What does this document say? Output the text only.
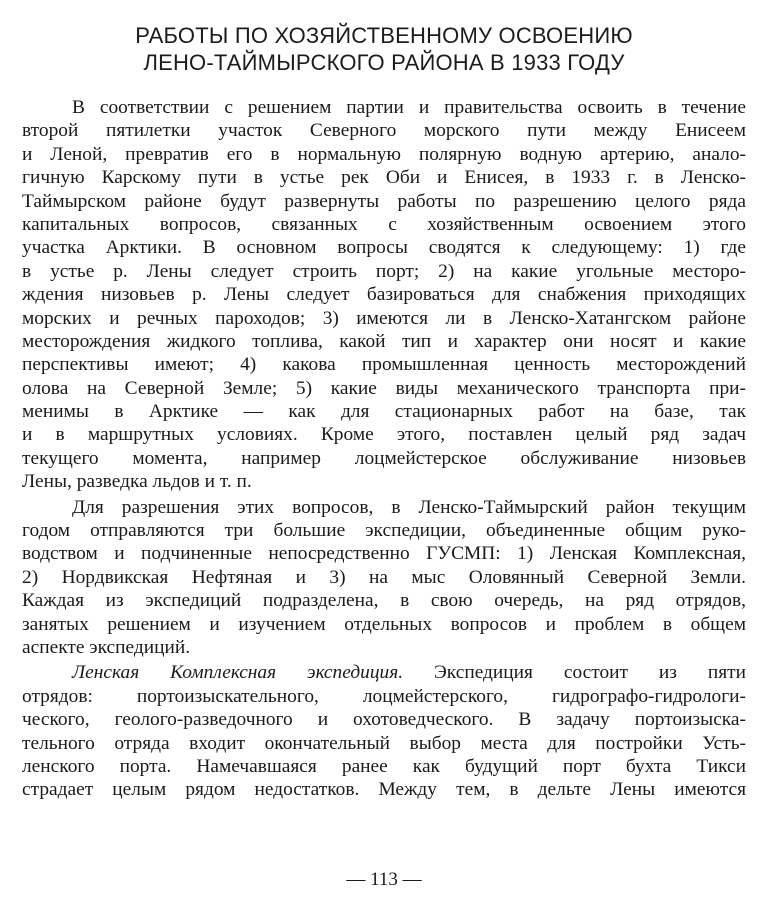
РАБОТЫ ПО ХОЗЯЙСТВЕННОМУ ОСВОЕНИЮ
ЛЕНО-ТАЙМЫРСКОГО РАЙОНА В 1933 ГОДУ
В соответствии с решением партии и правительства освоить в течение
второй пятилетки участок Северного морского пути между Енисеем
и Леной, превратив его в нормальную полярную водную артерию, анало-
гичную Карскому пути в устье рек Оби и Енисея, в 1933 г. в Ленско-
Таймырском районе будут развернуты работы по разрешению целого ряда
капитальных вопросов, связанных с хозяйственным освоением этого
участка Арктики. В основном вопросы сводятся к следующему: 1) где
в устье р. Лены следует строить порт; 2) на какие угольные месторо-
ждения низовьев р. Лены следует базироваться для снабжения приходящих
морских и речных пароходов; 3) имеются ли в Ленско-Хатангском районе
месторождения жидкого топлива, какой тип и характер они носят и какие
перспективы имеют; 4) какова промышленная ценность месторождений
олова на Северной Земле; 5) какие виды механического транспорта при-
менимы в Арктике — как для стационарных работ на базе, так
и в маршрутных условиях. Кроме этого, поставлен целый ряд задач
текущего момента, например лоцмейстерское обслуживание низовьев
Лены, разведка льдов и т. п.
Для разрешения этих вопросов, в Ленско-Таймырский район текущим
годом отправляются три большие экспедиции, объединенные общим руко-
водством и подчиненные непосредственно ГУСМП: 1) Ленская Комплексная,
2) Нордвикская Нефтяная и 3) на мыс Оловянный Северной Земли.
Каждая из экспедиций подразделена, в свою очередь, на ряд отрядов,
занятых решением и изучением отдельных вопросов и проблем в общем
аспекте экспедиций.
Ленская Комплексная экспедиция. Экспедиция состоит из пяти
отрядов: портоизыскательного, лоцмейстерского, гидрографо-гидрологи-
ческого, геолого-разведочного и охотоведческого. В задачу портоизыска-
тельного отряда входит окончательный выбор места для постройки Усть-
ленского порта. Намечавшаяся ранее как будущий порт бухта Тикси
страдает целым рядом недостатков. Между тем, в дельте Лены имеются
— 113 —
